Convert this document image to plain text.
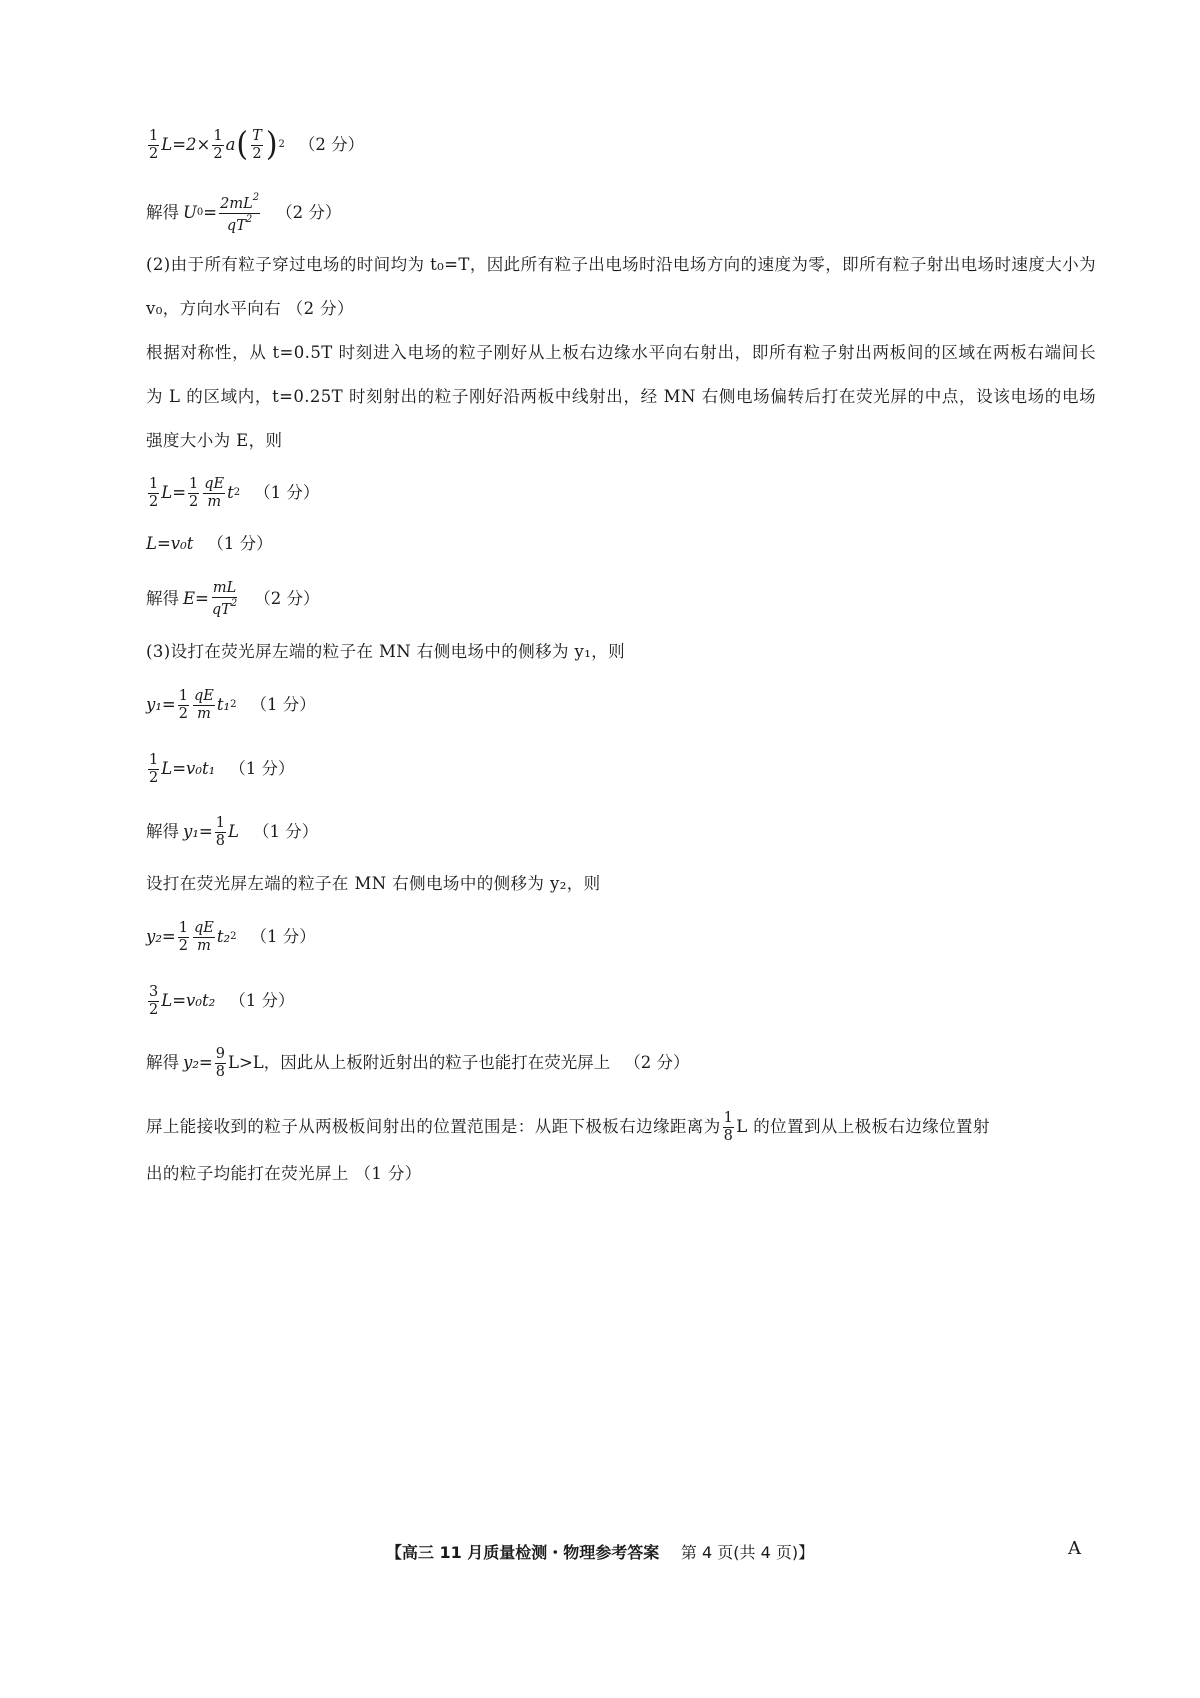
$\frac{1}{2} L=2\times \frac{1}{2}$ a ( $\frac{T}{2}$ ) 2 （2 分）
解得 U $0 = \frac{2mL^2}{qT^2} (2$ 分）
(2)由于所有粒子穿过电场的时间均为 t₀=T，因此所有粒子出电场时沿电场方向的速度为零，即所有粒子射出电场时速度大小为 v₀，方向水平向右 （2 分）
根据对称性，从 t=0.5T 时刻进入电场的粒子刚好从上板右边缘水平向右射出，即所有粒子射出两板间的区域在两板右端间长为 L 的区域内，t=0.25T 时刻射出的粒子刚好沿两板中线射出，经 MN 右侧电场偏转后打在荧光屏的中点，设该电场的电场强度大小为 E，则
$\frac{1}{2} L= \frac{1}{2} \frac{qE}{m}$ t 2 （1 分）
L=v₀t （1 分）
解得 $E= \frac{mL}{qT^2} (2$ 分）
(3)设打在荧光屏左端的粒子在 MN 右侧电场中的侧移为 y₁，则
$y_1= \frac{1}{2} \frac{qE}{m} t_1$ 2 （1 分）
$\frac{1}{2} L=v_0t_1$ （1 分）
解得 $y_1= \frac{1}{8}$ L （1 分）
设打在荧光屏左端的粒子在 MN 右侧电场中的侧移为 y₂，则
$y_2= \frac{1}{2} \frac{qE}{m} t_2$ 2 （1 分）
$\frac{3}{2} L=v_0t_2$ （1 分）
解得 $y_2= \frac{9}{8} L>L$，因此从上板附近射出的粒子也能打在荧光屏上 （2 分）
屏上能接收到的粒子从两极板间射出的位置范围是：从距下极板右边缘距离为 $\frac{1}{8}$ L 的位置到从上极板右边缘位置射
出的粒子均能打在荧光屏上 （1 分）
【高三 11 月质量检测・物理参考答案 第 4 页(共 4 页)】	A
